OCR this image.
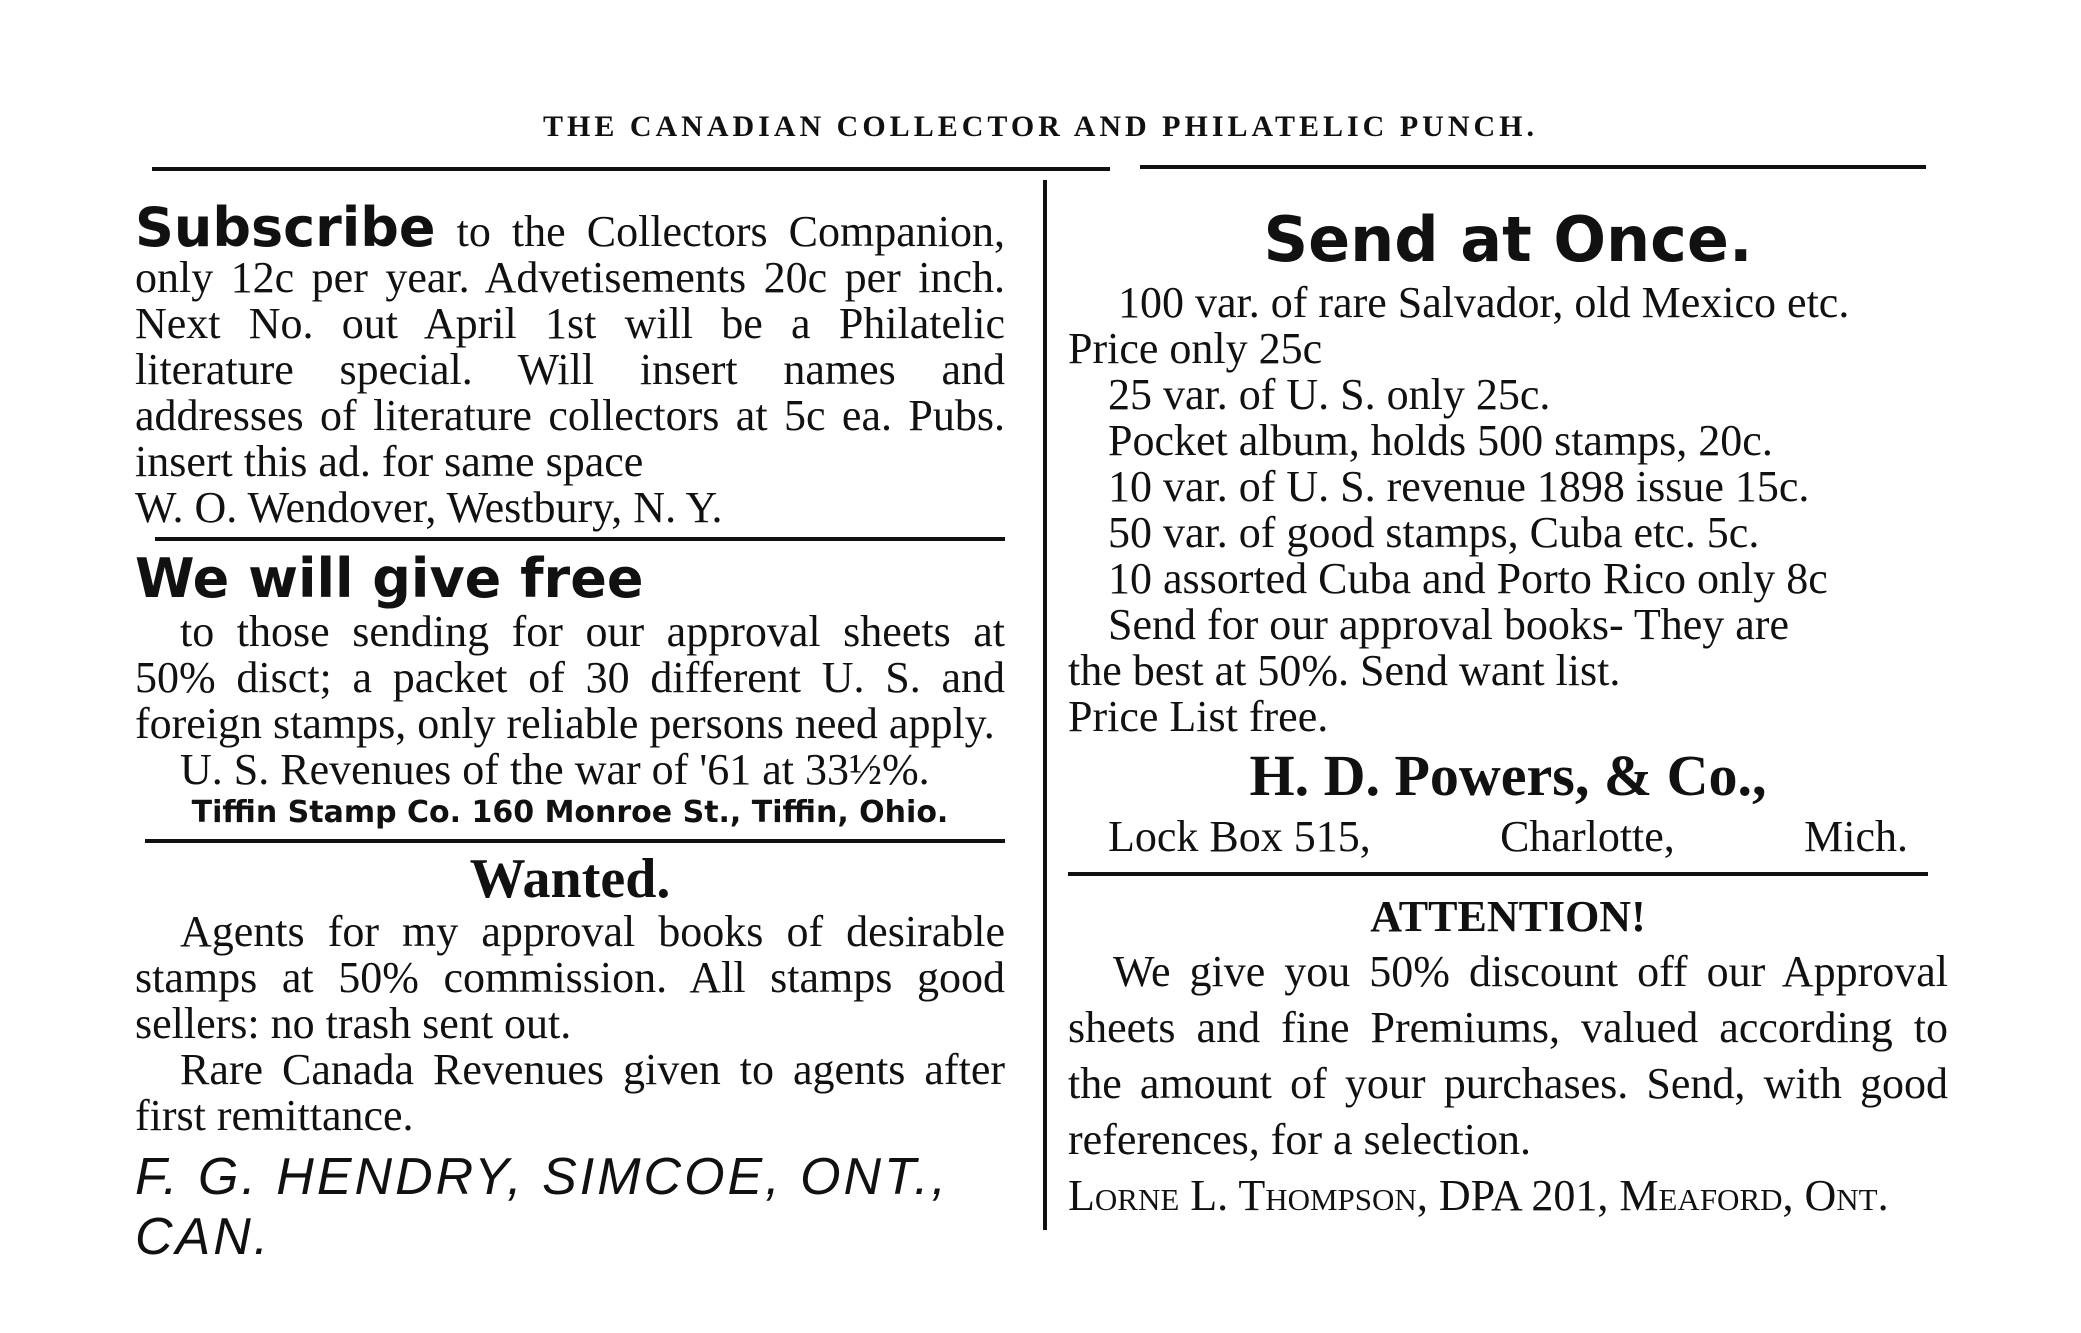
THE CANADIAN COLLECTOR AND PHILATELIC PUNCH.

Subscribe to the Collectors Companion, only 12c per year. Advetisements 20c per inch. Next No. out April 1st will be a Philatelic literature special. Will insert names and addresses of literature collectors at 5c ea. Pubs. insert this ad. for same space

W. O. Wendover, Westbury, N. Y.
We will give free

to those sending for our approval sheets at 50% disct; a packet of 30 different U. S. and foreign stamps, only reliable persons need apply.

U. S. Revenues of the war of '61 at 33½%.
Tiffin Stamp Co. 160 Monroe St., Tiffin, Ohio.
Wanted.

Agents for my approval books of desirable stamps at 50% commission. All stamps good sellers: no trash sent out.

Rare Canada Revenues given to agents after first remittance.

F. G. HENDRY, SIMCOE, ONT., CAN.
Send at Once.
100 var. of rare Salvador, old Mexico etc.
Price only 25c
25 var. of U. S. only 25c.
Pocket album, holds 500 stamps, 20c.
10 var. of U. S. revenue 1898 issue 15c.
50 var. of good stamps, Cuba etc. 5c.
10 assorted Cuba and Porto Rico only 8c
Send for our approval books- They are
the best at 50%. Send want list.
Price List free.
H. D. Powers, & Co.,
Lock Box 515,	Charlotte,	Mich.
ATTENTION!

We give you 50% discount off our Approval sheets and fine Premiums, valued according to the amount of your purchases. Send, with good references, for a selection.

Lorne L. Thompson, DPA 201, Meaford, Ont.
